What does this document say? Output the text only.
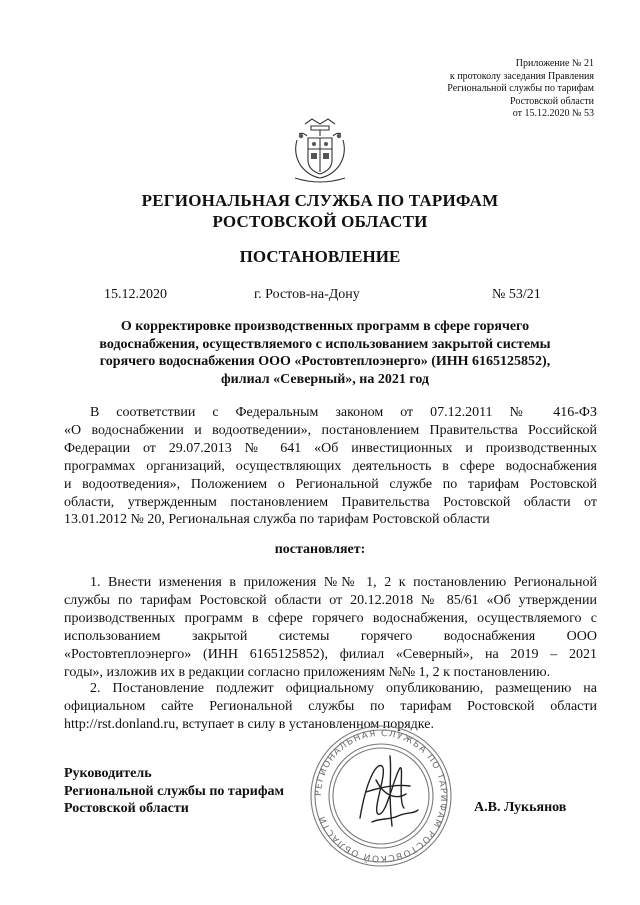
Приложение № 21
к протоколу заседания Правления
Региональной службы по тарифам
Ростовской области
от 15.12.2020 № 53
РЕГИОНАЛЬНАЯ СЛУЖБА ПО ТАРИФАМ
РОСТОВСКОЙ ОБЛАСТИ
ПОСТАНОВЛЕНИЕ
15.12.2020	г. Ростов-на-Дону	№ 53/21
О корректировке производственных программ в сфере горячего
водоснабжения, осуществляемого с использованием закрытой системы
горячего водоснабжения ООО «Ростовтеплоэнерго» (ИНН 6165125852),
филиал «Северный», на 2021 год
В соответствии с Федеральным законом от 07.12.2011 № 416-ФЗ
«О водоснабжении и водоотведении», постановлением Правительства Российской
Федерации от 29.07.2013 № 641 «Об инвестиционных и производственных
программах организаций, осуществляющих деятельность в сфере водоснабжения
и водоотведения», Положением о Региональной службе по тарифам Ростовской
области, утвержденным постановлением Правительства Ростовской области от
13.01.2012 № 20, Региональная служба по тарифам Ростовской области
постановляет:
1. Внести изменения в приложения №№ 1, 2 к постановлению Региональной
службы по тарифам Ростовской области от 20.12.2018 № 85/61 «Об утверждении
производственных программ в сфере горячего водоснабжения, осуществляемого с
использованием закрытой системы горячего водоснабжения ООО
«Ростовтеплоэнерго» (ИНН 6165125852), филиал «Северный», на 2019 – 2021
годы», изложив их в редакции согласно приложениям №№ 1, 2 к постановлению.
2. Постановление подлежит официальному опубликованию, размещению на
официальном сайте Региональной службы по тарифам Ростовской области
http://rst.donland.ru, вступает в силу в установленном порядке.
Руководитель
Региональной службы по тарифам
Ростовской области
РЕГИОНАЛЬНАЯ СЛУЖБА ПО ТАРИФАМ РОСТОВСКОЙ ОБЛАСТИ
А.В. Лукьянов
